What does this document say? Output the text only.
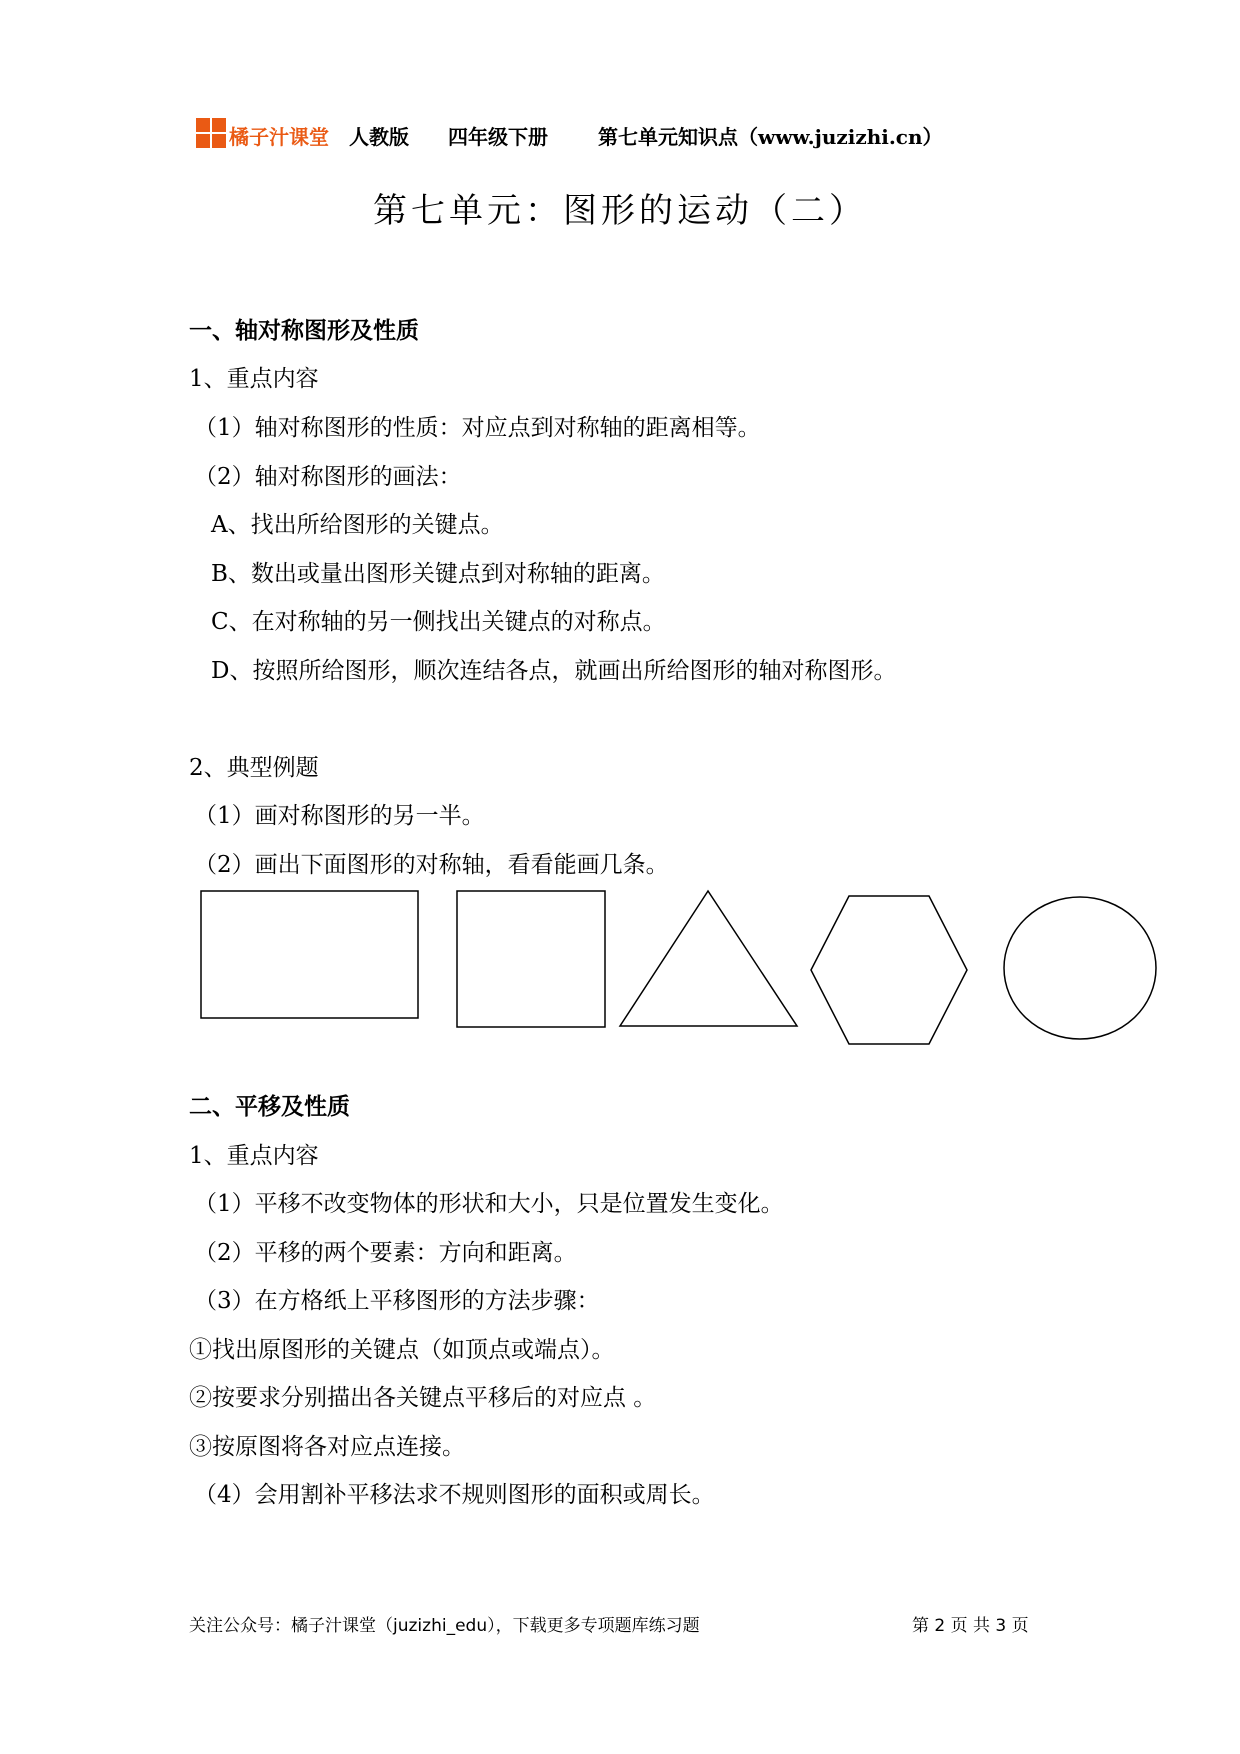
橘子汁课堂 人教版 四年级下册	第七单元知识点（www.juzizhi.cn）
第七单元：图形的运动（二）
一、轴对称图形及性质
1、重点内容
（1）轴对称图形的性质：对应点到对称轴的距离相等。
（2）轴对称图形的画法：
A、找出所给图形的关键点。
B、数出或量出图形关键点到对称轴的距离。
C、在对称轴的另一侧找出关键点的对称点。
D、按照所给图形，顺次连结各点，就画出所给图形的轴对称图形。
2、典型例题
（1）画对称图形的另一半。
（2）画出下面图形的对称轴，看看能画几条。
二、平移及性质
1、重点内容
（1）平移不改变物体的形状和大小，只是位置发生变化。
（2）平移的两个要素：方向和距离。
（3）在方格纸上平移图形的方法步骤：
①找出原图形的关键点（如顶点或端点）。
②按要求分别描出各关键点平移后的对应点 。
③按原图将各对应点连接。
（4）会用割补平移法求不规则图形的面积或周长。
关注公众号：橘子汁课堂（juzizhi_edu），下载更多专项题库练习题	第 2 页 共 3 页
